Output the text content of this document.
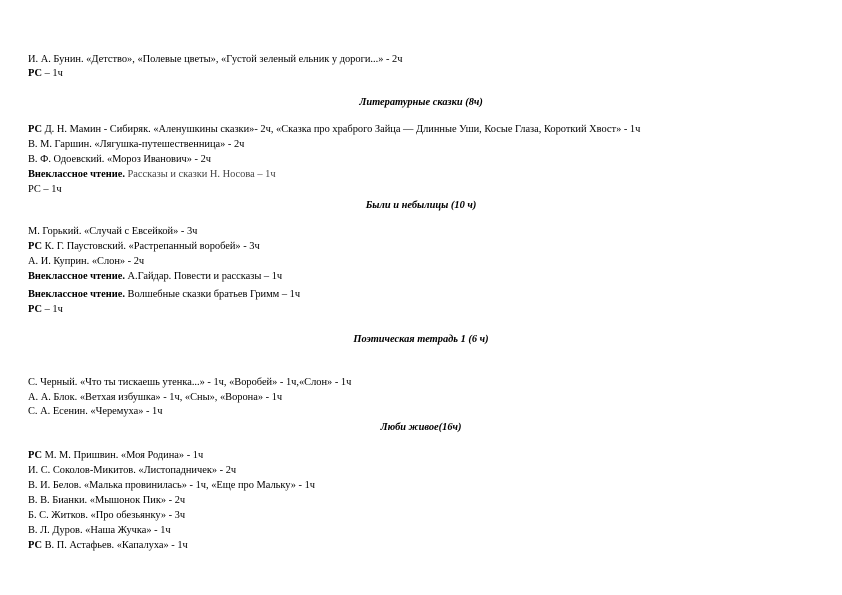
И. А. Бунин. «Детство», «Полевые цветы», «Густой зеленый ельник у дороги...» - 2ч
РС – 1ч
Литературные сказки (8ч)
РС Д. Н. Мамин - Сибиряк. «Аленушкины сказки»- 2ч, «Сказка про храброго Зайца — Длинные Уши, Косые Глаза, Короткий Хвост» - 1ч
В. М. Гаршин. «Лягушка-путешественница» - 2ч
В. Ф. Одоевский. «Мороз Иванович» - 2ч
Внеклассное чтение. Рассказы и сказки Н. Носова – 1ч
РС – 1ч
Были и небылицы (10 ч)
М. Горький. «Случай с Евсейкой» - 3ч
РС К. Г. Паустовский. «Растрепанный воробей» - 3ч
А. И. Куприн. «Слон» - 2ч
Внеклассное чтение. А.Гайдар. Повести и рассказы – 1ч
Внеклассное чтение. Волшебные сказки братьев Гримм – 1ч
РС – 1ч
Поэтическая тетрадь 1 (6 ч)
С. Черный. «Что ты тискаешь утенка...» - 1ч, «Воробей» - 1ч,«Слон» - 1ч
А. А. Блок. «Ветхая избушка» - 1ч, «Сны», «Ворона» - 1ч
С. А. Есенин. «Черемуха» - 1ч
Люби живое(16ч)
РС М. М. Пришвин. «Моя Родина» - 1ч
И. С. Соколов-Микитов. «Листопадничек» - 2ч
В. И. Белов. «Малька провинилась» - 1ч, «Еще про Мальку» - 1ч
В. В. Бианки. «Мышонок Пик» - 2ч
Б. С. Житков. «Про обезьянку» - 3ч
В. Л. Дуров. «Наша Жучка» - 1ч
РС В. П. Астафьев. «Капалуха» - 1ч
